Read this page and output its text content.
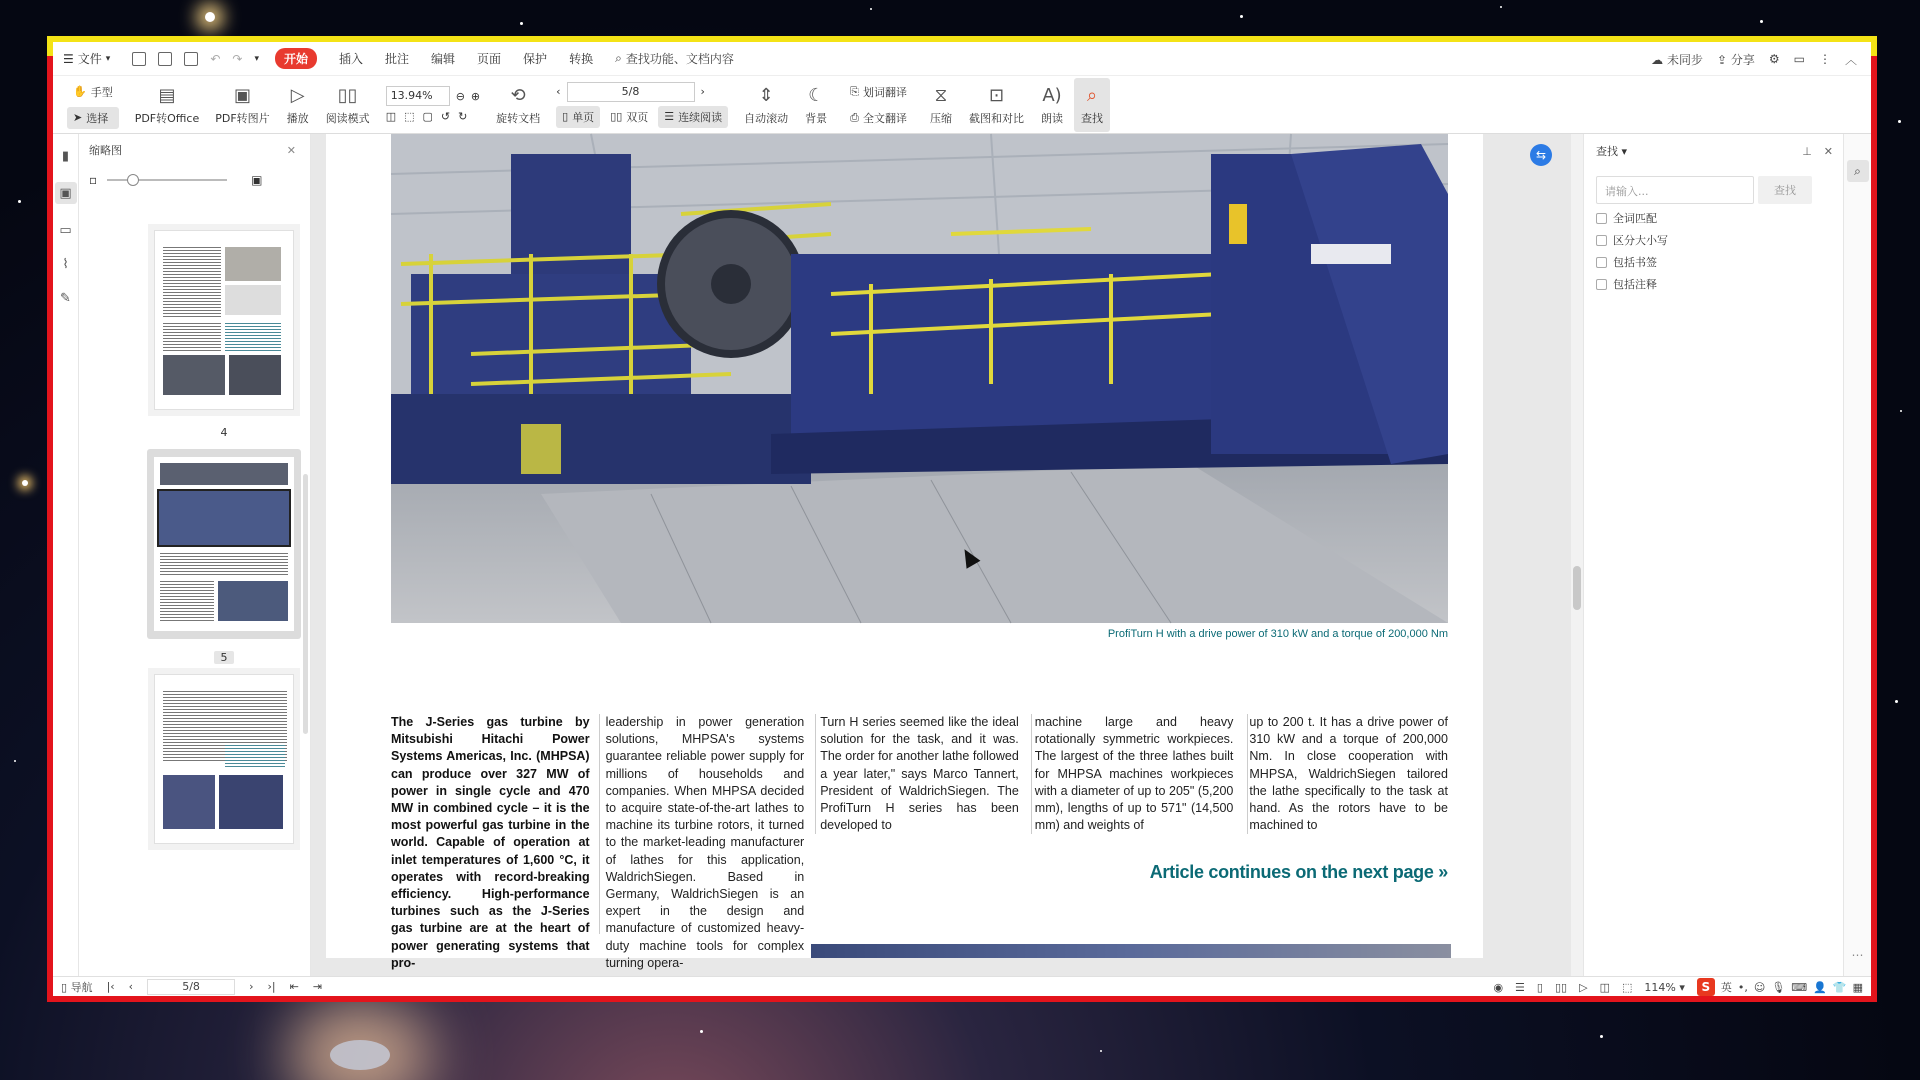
☰ 文件 ▾	↶ ↷ ▾	开始	插入 批注 编辑 页面 保护 转换 ⌕ 查找功能、文档内容	☁ 未同步 ⇪ 分享 ⚙ ▭ ⋮ ︿
✋ 手型
➤ 选择
▤
PDF转Office
▣
PDF转图片
▷
播放
▯▯
阅读模式
13.94%	⊖ ⊕
◫ ⬚ ▢ ↺ ↻
⟲
旋转文档
‹	5/8	›
▯ 单页 ▯▯ 双页 ☰ 连续阅读
⇕
自动滚动
☾
背景
⎘ 划词翻译
⎙ 全文翻译
⧖
压缩
⊡
截图和对比
A)
朗读
⌕
查找
▮
▣
▭
⌇
✎
缩略图	✕
▫	▣
4
5
ProfiTurn H with a drive power of 310 kW and a torque of 200,000 Nm
The J-Series gas turbine by Mitsubishi Hitachi Power Systems Americas, Inc. (MHPSA) can produce over 327 MW of power in single cycle and 470 MW in combined cycle – it is the most powerful gas turbine in the world. Capable of operation at inlet temperatures of 1,600 °C, it operates with record-breaking efficiency. High-performance turbines such as the J-Series gas turbine are at the heart of power generating systems that pro-
leadership in power generation solutions, MHPSA's systems guarantee reliable power supply for millions of households and companies. When MHPSA decided to acquire state-of-the-art lathes to machine its turbine rotors, it turned to the market-leading manufacturer of lathes for this application, WaldrichSiegen. Based in Germany, WaldrichSiegen is an expert in the design and manufacture of customized heavy-duty machine tools for complex turning opera-
Turn H series seemed like the ideal solution for the task, and it was. The order for another lathe followed a year later," says Marco Tannert, President of WaldrichSiegen. The ProfiTurn H series has been developed to
machine large and heavy rotationally symmetric workpieces. The largest of the three lathes built for MHPSA machines workpieces with a diameter of up to 205" (5,200 mm), lengths of up to 571" (14,500 mm) and weights of
up to 200 t. It has a drive power of 310 kW and a torque of 200,000 Nm. In close cooperation with MHPSA, WaldrichSiegen tailored the lathe specifically to the task at hand. As the rotors have to be machined to
Article continues on the next page »
⇆	查找 ▾	⊥ ✕
请输入...	查找
全词匹配
区分大小写
包括书签
包括注释
⌕
⋯
▯ 导航 |‹ ‹	5/8	› ›| ⇤ ⇥	◉ ☰ ▯ ▯▯ ▷ ◫ ⬚ 114% ▾	S 英 •, ☺ 🎙 ⌨ 👤 👕 ▦
